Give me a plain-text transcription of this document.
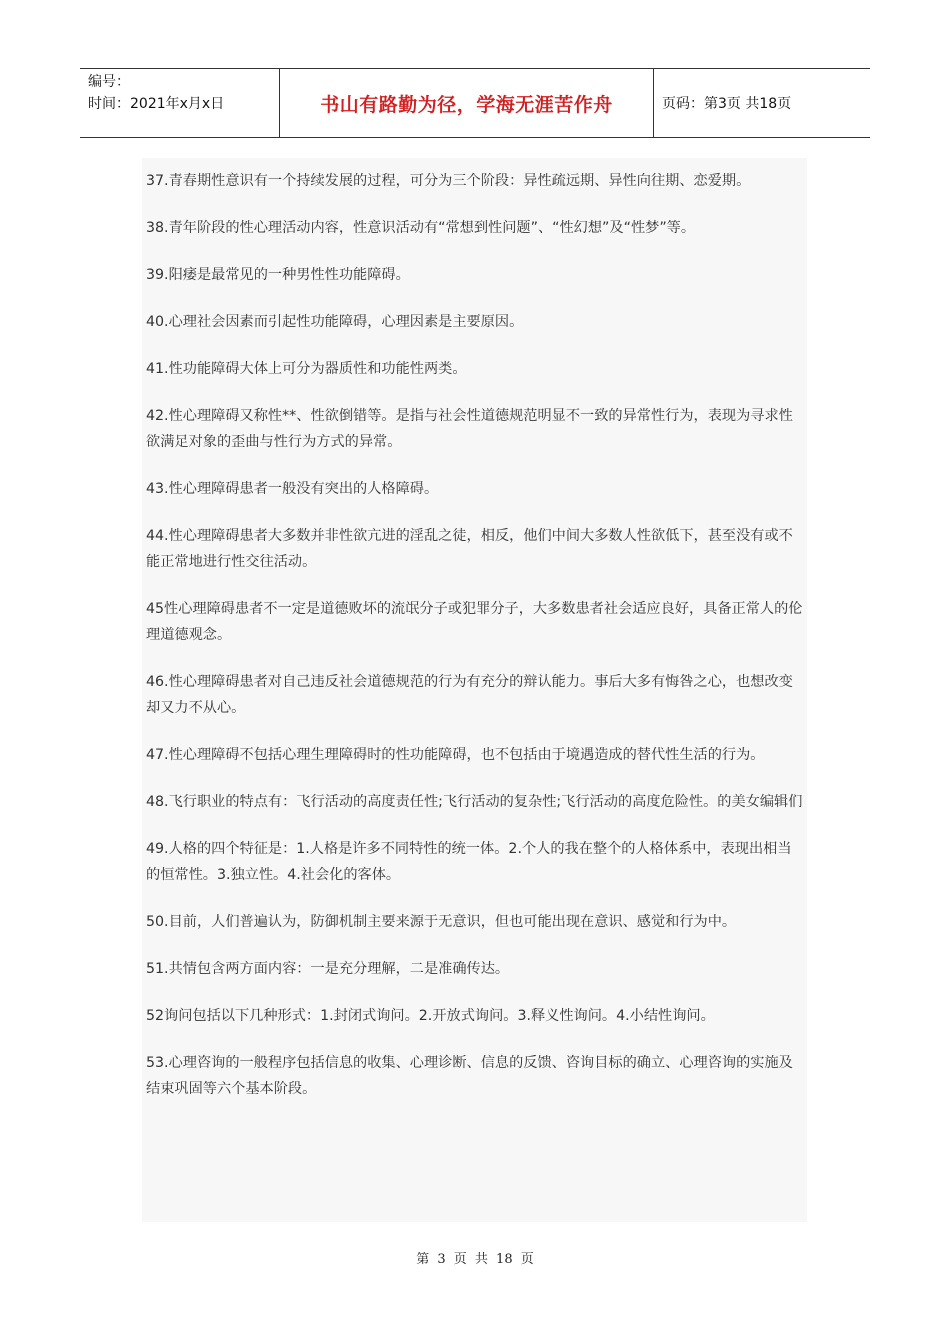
编号：
时间：2021年x月x日	书山有路勤为径，学海无涯苦作舟	页码：第3页 共18页

37.青春期性意识有一个持续发展的过程，可分为三个阶段：异性疏远期、异性向往期、恋爱期。

38.青年阶段的性心理活动内容，性意识活动有“常想到性问题”、“性幻想”及“性梦”等。

39.阳痿是最常见的一种男性性功能障碍。

40.心理社会因素而引起性功能障碍，心理因素是主要原因。

41.性功能障碍大体上可分为器质性和功能性两类。

42.性心理障碍又称性**、性欲倒错等。是指与社会性道德规范明显不一致的异常性行为，表现为寻求性欲满足对象的歪曲与性行为方式的异常。

43.性心理障碍患者一般没有突出的人格障碍。

44.性心理障碍患者大多数并非性欲亢进的淫乱之徒，相反，他们中间大多数人性欲低下，甚至没有或不能正常地进行性交往活动。

45性心理障碍患者不一定是道德败坏的流氓分子或犯罪分子，大多数患者社会适应良好，具备正常人的伦理道德观念。

46.性心理障碍患者对自己违反社会道德规范的行为有充分的辩认能力。事后大多有悔咎之心，也想改变却又力不从心。

47.性心理障碍不包括心理生理障碍时的性功能障碍，也不包括由于境遇造成的替代性生活的行为。

48.飞行职业的特点有：飞行活动的高度责任性;飞行活动的复杂性;飞行活动的高度危险性。的美女编辑们

49.人格的四个特征是：1.人格是许多不同特性的统一体。2.个人的我在整个的人格体系中，表现出相当的恒常性。3.独立性。4.社会化的客体。

50.目前，人们普遍认为，防御机制主要来源于无意识，但也可能出现在意识、感觉和行为中。

51.共情包含两方面内容：一是充分理解，二是准确传达。

52询问包括以下几种形式：1.封闭式询问。2.开放式询问。3.释义性询问。4.小结性询问。

53.心理咨询的一般程序包括信息的收集、心理诊断、信息的反馈、咨询目标的确立、心理咨询的实施及结束巩固等六个基本阶段。

第 3 页 共 18 页
